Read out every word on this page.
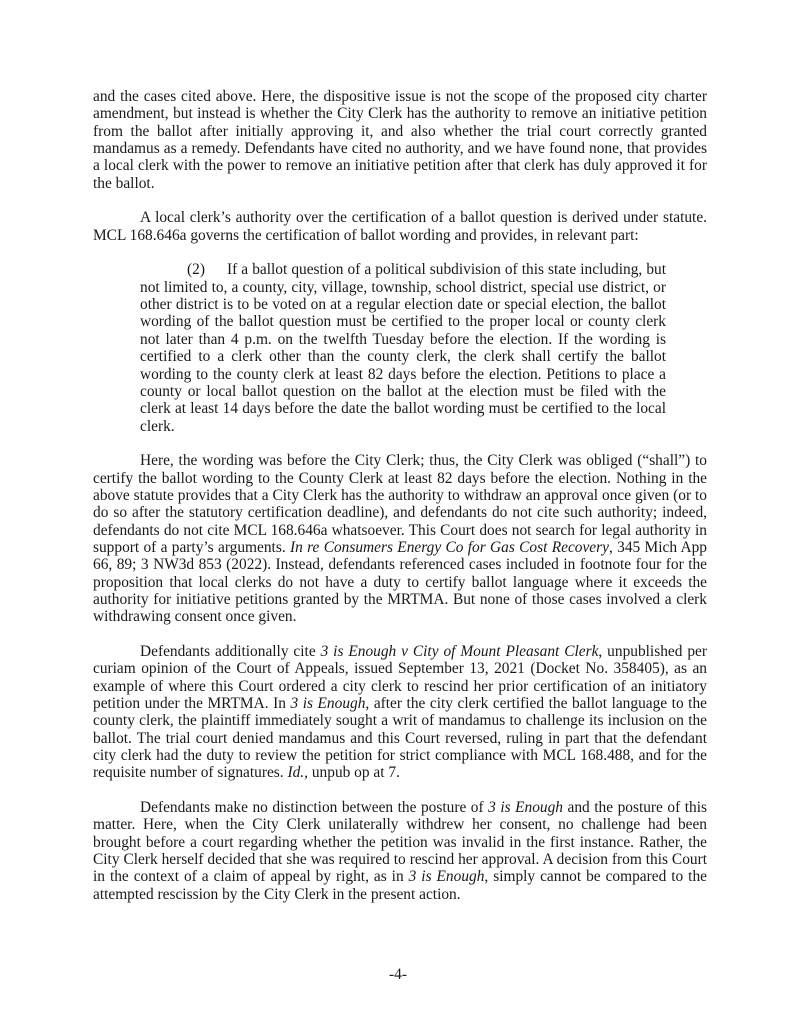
and the cases cited above. Here, the dispositive issue is not the scope of the proposed city charter amendment, but instead is whether the City Clerk has the authority to remove an initiative petition from the ballot after initially approving it, and also whether the trial court correctly granted mandamus as a remedy. Defendants have cited no authority, and we have found none, that provides a local clerk with the power to remove an initiative petition after that clerk has duly approved it for the ballot.

A local clerk’s authority over the certification of a ballot question is derived under statute. MCL 168.646a governs the certification of ballot wording and provides, in relevant part:

(2) If a ballot question of a political subdivision of this state including, but not limited to, a county, city, village, township, school district, special use district, or other district is to be voted on at a regular election date or special election, the ballot wording of the ballot question must be certified to the proper local or county clerk not later than 4 p.m. on the twelfth Tuesday before the election. If the wording is certified to a clerk other than the county clerk, the clerk shall certify the ballot wording to the county clerk at least 82 days before the election. Petitions to place a county or local ballot question on the ballot at the election must be filed with the clerk at least 14 days before the date the ballot wording must be certified to the local clerk.

Here, the wording was before the City Clerk; thus, the City Clerk was obliged (“shall”) to certify the ballot wording to the County Clerk at least 82 days before the election. Nothing in the above statute provides that a City Clerk has the authority to withdraw an approval once given (or to do so after the statutory certification deadline), and defendants do not cite such authority; indeed, defendants do not cite MCL 168.646a whatsoever. This Court does not search for legal authority in support of a party’s arguments. In re Consumers Energy Co for Gas Cost Recovery, 345 Mich App 66, 89; 3 NW3d 853 (2022). Instead, defendants referenced cases included in footnote four for the proposition that local clerks do not have a duty to certify ballot language where it exceeds the authority for initiative petitions granted by the MRTMA. But none of those cases involved a clerk withdrawing consent once given.

Defendants additionally cite 3 is Enough v City of Mount Pleasant Clerk, unpublished per curiam opinion of the Court of Appeals, issued September 13, 2021 (Docket No. 358405), as an example of where this Court ordered a city clerk to rescind her prior certification of an initiatory petition under the MRTMA. In 3 is Enough, after the city clerk certified the ballot language to the county clerk, the plaintiff immediately sought a writ of mandamus to challenge its inclusion on the ballot. The trial court denied mandamus and this Court reversed, ruling in part that the defendant city clerk had the duty to review the petition for strict compliance with MCL 168.488, and for the requisite number of signatures. Id., unpub op at 7.

Defendants make no distinction between the posture of 3 is Enough and the posture of this matter. Here, when the City Clerk unilaterally withdrew her consent, no challenge had been brought before a court regarding whether the petition was invalid in the first instance. Rather, the City Clerk herself decided that she was required to rescind her approval. A decision from this Court in the context of a claim of appeal by right, as in 3 is Enough, simply cannot be compared to the attempted rescission by the City Clerk in the present action.

-4-
